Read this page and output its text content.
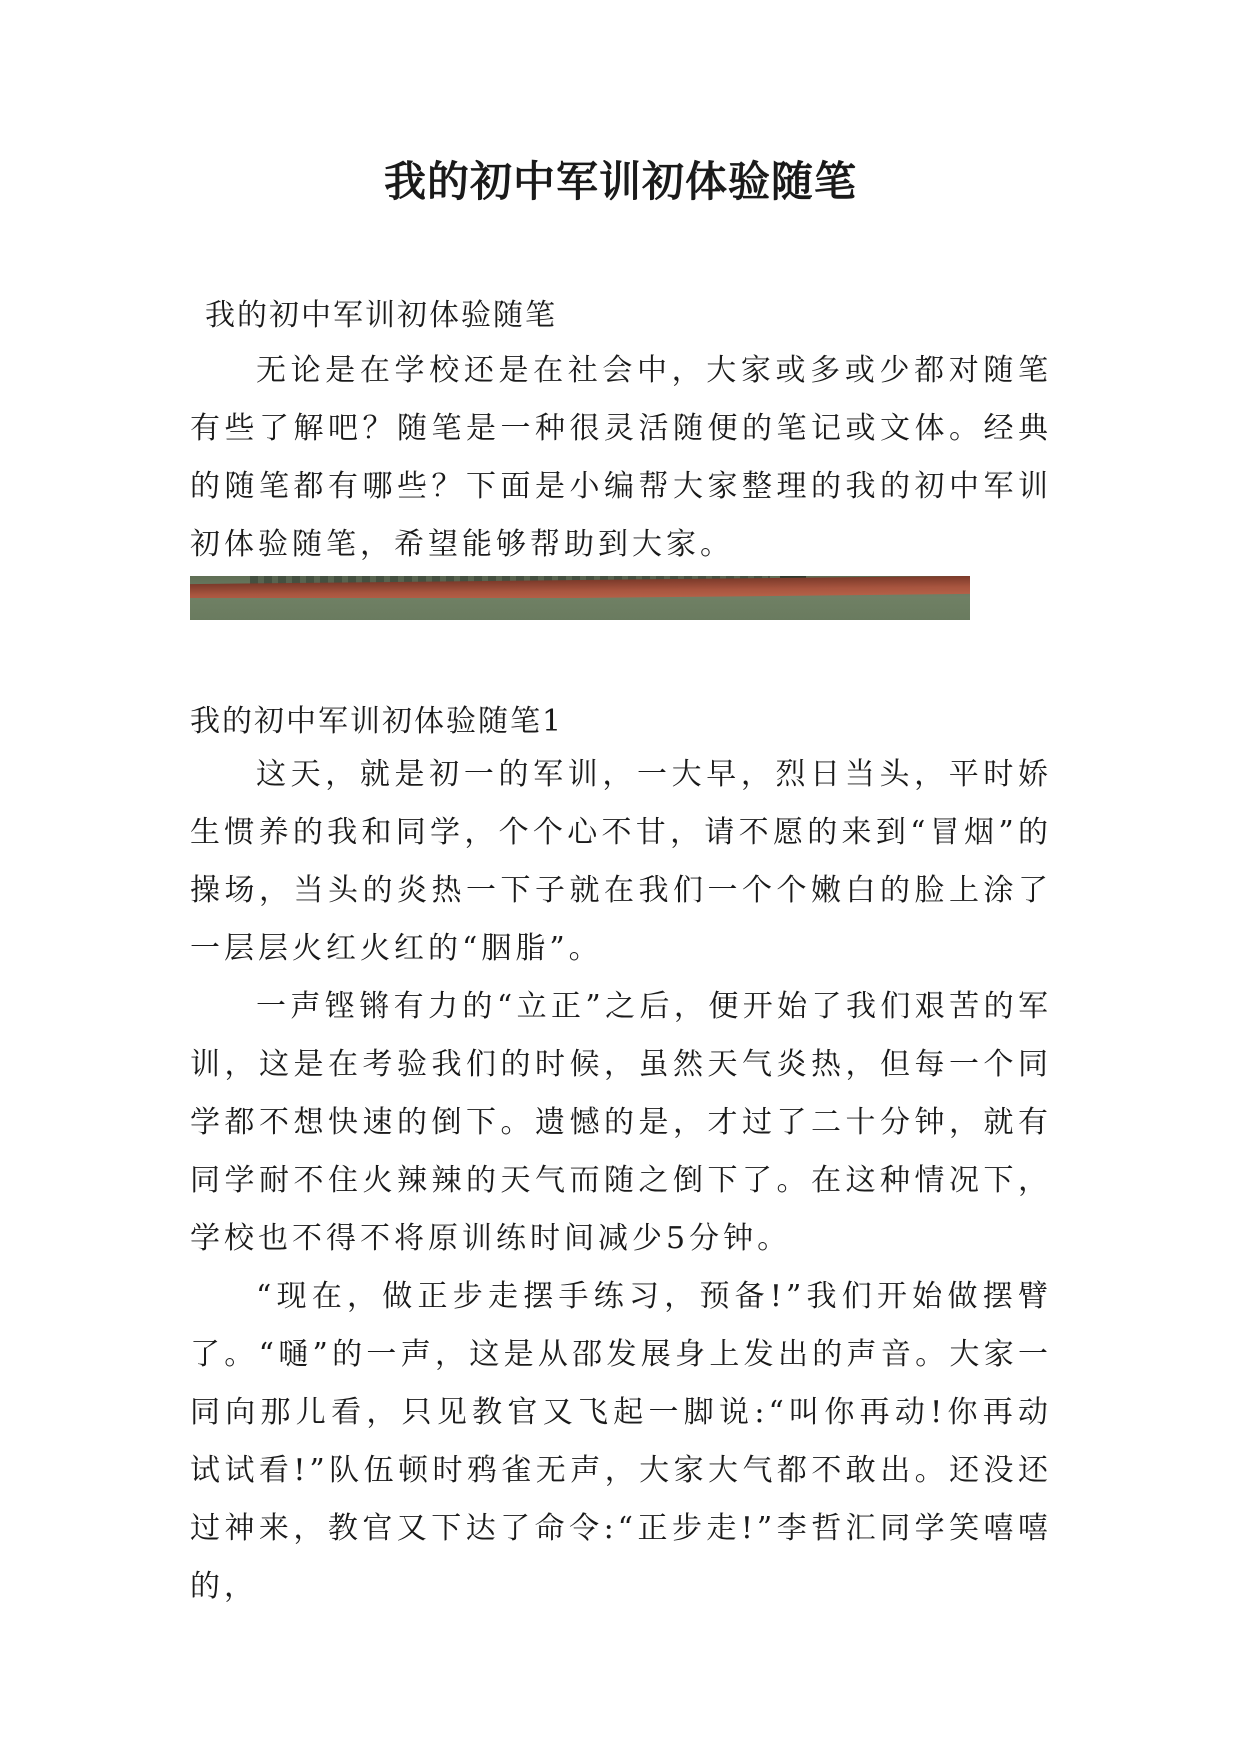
我的初中军训初体验随笔
我的初中军训初体验随笔

无论是在学校还是在社会中，大家或多或少都对随笔有些了解吧？随笔是一种很灵活随便的笔记或文体。经典的随笔都有哪些？下面是小编帮大家整理的我的初中军训初体验随笔，希望能够帮助到大家。

我的初中军训初体验随笔1

这天，就是初一的军训，一大早，烈日当头，平时娇生惯养的我和同学，个个心不甘，请不愿的来到“冒烟”的操场，当头的炎热一下子就在我们一个个嫩白的脸上涂了一层层火红火红的“胭脂”。

一声铿锵有力的“立正”之后，便开始了我们艰苦的军训，这是在考验我们的时候，虽然天气炎热，但每一个同学都不想快速的倒下。遗憾的是，才过了二十分钟，就有同学耐不住火辣辣的天气而随之倒下了。在这种情况下，学校也不得不将原训练时间减少5分钟。

“现在，做正步走摆手练习，预备!”我们开始做摆臂了。“嗵”的一声，这是从邵发展身上发出的声音。大家一同向那儿看，只见教官又飞起一脚说:“叫你再动!你再动试试看!”队伍顿时鸦雀无声，大家大气都不敢出。还没还过神来，教官又下达了命令:“正步走!”李哲汇同学笑嘻嘻的，
